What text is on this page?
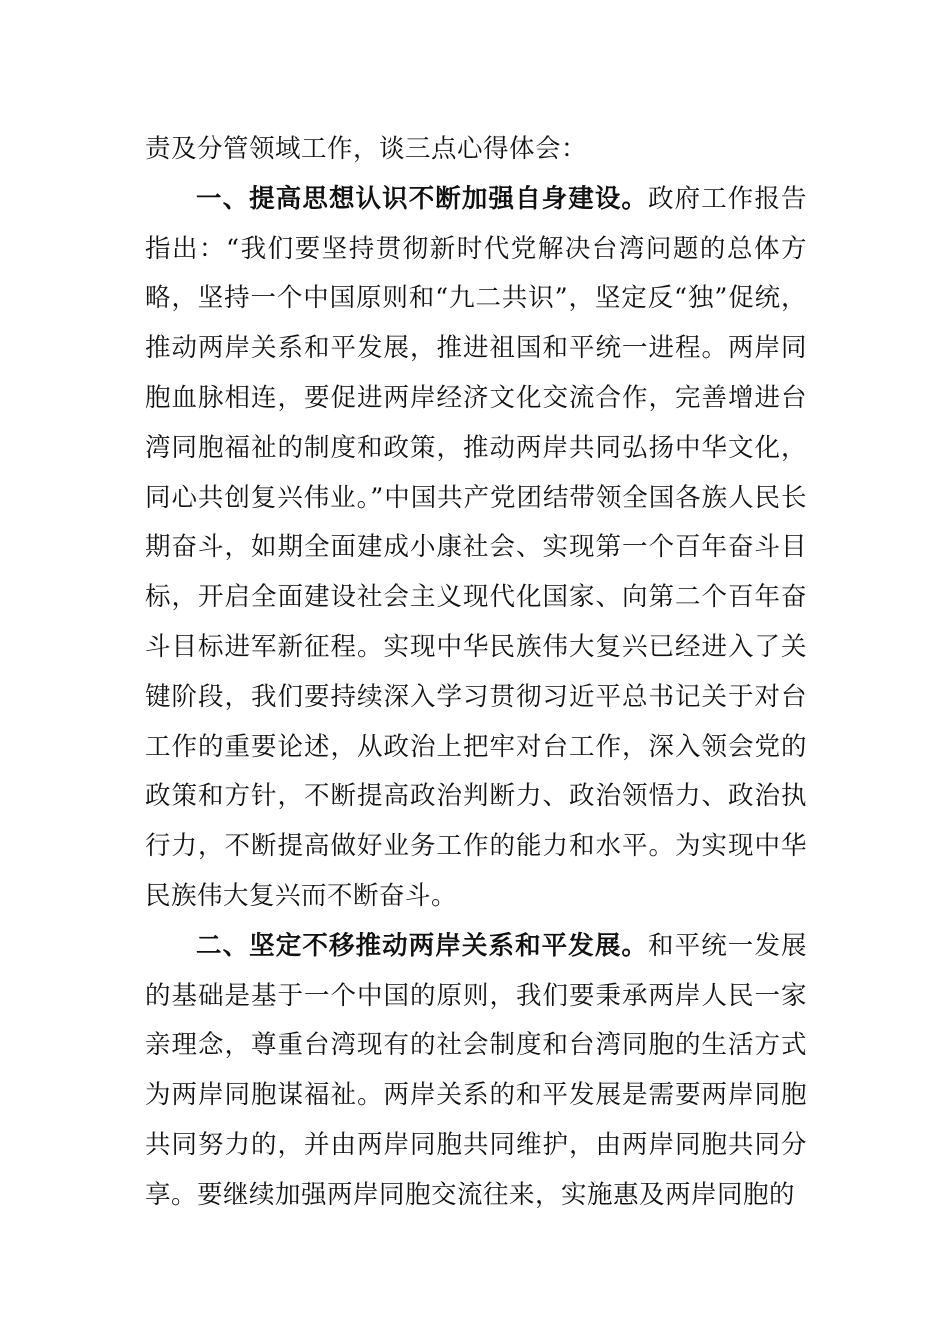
责及分管领域工作，谈三点心得体会：

一、提高思想认识不断加强自身建设。政府工作报告指出：“我们要坚持贯彻新时代党解决台湾问题的总体方略，坚持一个中国原则和“九二共识”，坚定反“独”促统，推动两岸关系和平发展，推进祖国和平统一进程。两岸同胞血脉相连，要促进两岸经济文化交流合作，完善增进台湾同胞福祉的制度和政策，推动两岸共同弘扬中华文化，同心共创复兴伟业。”中国共产党团结带领全国各族人民长期奋斗，如期全面建成小康社会、实现第一个百年奋斗目标，开启全面建设社会主义现代化国家、向第二个百年奋斗目标进军新征程。实现中华民族伟大复兴已经进入了关键阶段，我们要持续深入学习贯彻习近平总书记关于对台工作的重要论述，从政治上把牢对台工作，深入领会党的政策和方针，不断提高政治判断力、政治领悟力、政治执行力，不断提高做好业务工作的能力和水平。为实现中华民族伟大复兴而不断奋斗。

二、坚定不移推动两岸关系和平发展。和平统一发展的基础是基于一个中国的原则，我们要秉承两岸人民一家亲理念，尊重台湾现有的社会制度和台湾同胞的生活方式为两岸同胞谋福祉。两岸关系的和平发展是需要两岸同胞共同努力的，并由两岸同胞共同维护，由两岸同胞共同分享。要继续加强两岸同胞交流往来，实施惠及两岸同胞的
